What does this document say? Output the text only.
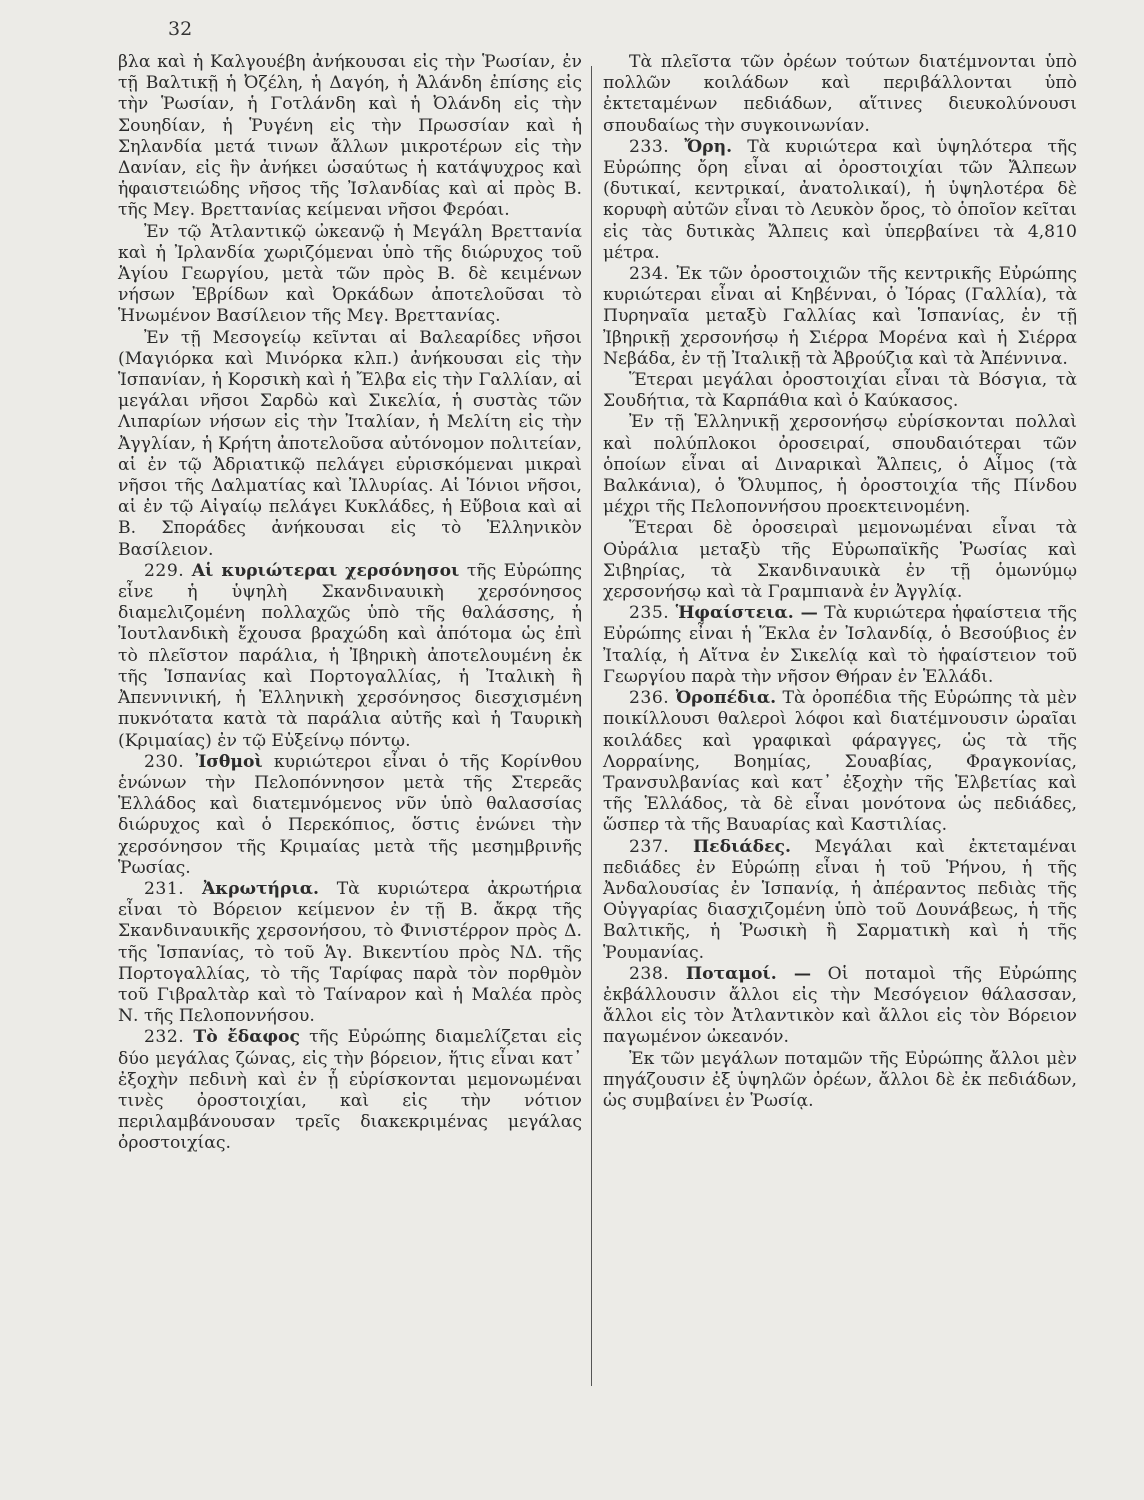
32

βλα καὶ ἡ Καλγουέβη ἀνήκουσαι εἰς τὴν Ῥωσίαν, ἐν τῇ Βαλτικῇ ἡ Ὀζέλη, ἡ Δαγόη, ἡ Ἀλάνδη ἐπίσης εἰς τὴν Ῥωσίαν, ἡ Γοτλάνδη καὶ ἡ Ὀλάνδη εἰς τὴν Σουηδίαν, ἡ Ῥυγένη εἰς τὴν Πρωσσίαν καὶ ἡ Σηλανδία μετά τινων ἄλλων μικροτέρων εἰς τὴν Δανίαν, εἰς ἣν ἀνήκει ὡσαύτως ἡ κατάψυχρος καὶ ἡφαιστειώδης νῆσος τῆς Ἰσλανδίας καὶ αἱ πρὸς Β. τῆς Μεγ. Βρεττανίας κείμεναι νῆσοι Φερόαι.

Ἐν τῷ Ἀτλαντικῷ ὠκεανῷ ἡ Μεγάλη Βρεττανία καὶ ἡ Ἰρλανδία χωριζόμεναι ὑπὸ τῆς διώρυχος τοῦ Ἁγίου Γεωργίου, μετὰ τῶν πρὸς Β. δὲ κειμένων νήσων Ἐβρίδων καὶ Ὀρκάδων ἀποτελοῦσαι τὸ Ἡνωμένον Βασίλειον τῆς Μεγ. Βρεττανίας.

Ἐν τῇ Μεσογείῳ κεῖνται αἱ Βαλεαρίδες νῆσοι (Μαγιόρκα καὶ Μινόρκα κλπ.) ἀνήκουσαι εἰς τὴν Ἱσπανίαν, ἡ Κορσικὴ καὶ ἡ Ἔλβα εἰς τὴν Γαλλίαν, αἱ μεγάλαι νῆσοι Σαρδὼ καὶ Σικελία, ἡ συστὰς τῶν Λιπαρίων νήσων εἰς τὴν Ἰταλίαν, ἡ Μελίτη εἰς τὴν Ἀγγλίαν, ἡ Κρήτη ἀποτελοῦσα αὐτόνομον πολιτείαν, αἱ ἐν τῷ Ἀδριατικῷ πελάγει εὑρισκόμεναι μικραὶ νῆσοι τῆς Δαλματίας καὶ Ἰλλυρίας. Αἱ Ἰόνιοι νῆσοι, αἱ ἐν τῷ Αἰγαίῳ πελάγει Κυκλάδες, ἡ Εὔβοια καὶ αἱ Β. Σποράδες ἀνήκουσαι εἰς τὸ Ἑλληνικὸν Βασίλειον.

229. Αἱ κυριώτεραι χερσόνησοι τῆς Εὐρώπης εἶνε ἡ ὑψηλὴ Σκανδιναυικὴ χερσόνησος διαμελιζομένη πολλαχῶς ὑπὸ τῆς θαλάσσης, ἡ Ἰουτλανδικὴ ἔχουσα βραχώδη καὶ ἀπότομα ὡς ἐπὶ τὸ πλεῖστον παράλια, ἡ Ἰβηρικὴ ἀποτελουμένη ἐκ τῆς Ἱσπανίας καὶ Πορτογαλλίας, ἡ Ἰταλικὴ ἢ Ἀπεννινική, ἡ Ἑλληνικὴ χερσόνησος διεσχισμένη πυκνότατα κατὰ τὰ παράλια αὐτῆς καὶ ἡ Ταυρικὴ (Κριμαίας) ἐν τῷ Εὐξείνῳ πόντῳ.

230. Ἰσθμοὶ κυριώτεροι εἶναι ὁ τῆς Κορίνθου ἑνώνων τὴν Πελοπόννησον μετὰ τῆς Στερεᾶς Ἑλλάδος καὶ διατεμνόμενος νῦν ὑπὸ θαλασσίας διώρυχος καὶ ὁ Περεκόπιος, ὅστις ἑνώνει τὴν χερσόνησον τῆς Κριμαίας μετὰ τῆς μεσημβρινῆς Ῥωσίας.

231. Ἀκρωτήρια. Τὰ κυριώτερα ἀκρωτήρια εἶναι τὸ Βόρειον κείμενον ἐν τῇ Β. ἄκρᾳ τῆς Σκανδιναυικῆς χερσονήσου, τὸ Φινιστέρρον πρὸς Δ. τῆς Ἱσπανίας, τὸ τοῦ Ἁγ. Βικεντίου πρὸς ΝΔ. τῆς Πορτογαλλίας, τὸ τῆς Ταρίφας παρὰ τὸν πορθμὸν τοῦ Γιβραλτὰρ καὶ τὸ Ταίναρον καὶ ἡ Μαλέα πρὸς Ν. τῆς Πελοποννήσου.

232. Τὸ ἔδαφος τῆς Εὐρώπης διαμελίζεται εἰς δύο μεγάλας ζώνας, εἰς τὴν βόρειον, ἥτις εἶναι κατ᾽ ἐξοχὴν πεδινὴ καὶ ἐν ᾗ εὑρίσκονται μεμονωμέναι τινὲς ὀροστοιχίαι, καὶ εἰς τὴν νότιον περιλαμβάνουσαν τρεῖς διακεκριμένας μεγάλας ὀροστοιχίας.

Τὰ πλεῖστα τῶν ὀρέων τούτων διατέμνονται ὑπὸ πολλῶν κοιλάδων καὶ περιβάλλονται ὑπὸ ἐκτεταμένων πεδιάδων, αἵτινες διευκολύνουσι σπουδαίως τὴν συγκοινωνίαν.

233. Ὄρη. Τὰ κυριώτερα καὶ ὑψηλότερα τῆς Εὐρώπης ὄρη εἶναι αἱ ὀροστοιχίαι τῶν Ἄλπεων (δυτικαί, κεντρικαί, ἀνατολικαί), ἡ ὑψηλοτέρα δὲ κορυφὴ αὐτῶν εἶναι τὸ Λευκὸν ὄρος, τὸ ὁποῖον κεῖται εἰς τὰς δυτικὰς Ἄλπεις καὶ ὑπερβαίνει τὰ 4,810 μέτρα.

234. Ἐκ τῶν ὀροστοιχιῶν τῆς κεντρικῆς Εὐρώπης κυριώτεραι εἶναι αἱ Κηβένναι, ὁ Ἰόρας (Γαλλία), τὰ Πυρηναῖα μεταξὺ Γαλλίας καὶ Ἱσπανίας, ἐν τῇ Ἰβηρικῇ χερσονήσῳ ἡ Σιέρρα Μορένα καὶ ἡ Σιέρρα Νεβάδα, ἐν τῇ Ἰταλικῇ τὰ Ἀβρούζια καὶ τὰ Ἀπέννινα.

Ἕτεραι μεγάλαι ὀροστοιχίαι εἶναι τὰ Βόσγια, τὰ Σουδήτια, τὰ Καρπάθια καὶ ὁ Καύκασος.

Ἐν τῇ Ἑλληνικῇ χερσονήσῳ εὑρίσκονται πολλαὶ καὶ πολύπλοκοι ὀροσειραί, σπουδαιότεραι τῶν ὁποίων εἶναι αἱ Διναρικαὶ Ἄλπεις, ὁ Αἷμος (τὰ Βαλκάνια), ὁ Ὄλυμπος, ἡ ὀροστοιχία τῆς Πίνδου μέχρι τῆς Πελοποννήσου προεκτεινομένη.

Ἕτεραι δὲ ὀροσειραὶ μεμονωμέναι εἶναι τὰ Οὐράλια μεταξὺ τῆς Εὐρωπαϊκῆς Ῥωσίας καὶ Σιβηρίας, τὰ Σκανδιναυικὰ ἐν τῇ ὁμωνύμῳ χερσονήσῳ καὶ τὰ Γραμπιανὰ ἐν Ἀγγλίᾳ.

235. Ἡφαίστεια. — Τὰ κυριώτερα ἡφαίστεια τῆς Εὐρώπης εἶναι ἡ Ἕκλα ἐν Ἰσλανδίᾳ, ὁ Βεσούβιος ἐν Ἰταλίᾳ, ἡ Αἴτνα ἐν Σικελίᾳ καὶ τὸ ἡφαίστειον τοῦ Γεωργίου παρὰ τὴν νῆσον Θήραν ἐν Ἑλλάδι.

236. Ὀροπέδια. Τὰ ὀροπέδια τῆς Εὐρώπης τὰ μὲν ποικίλλουσι θαλεροὶ λόφοι καὶ διατέμνουσιν ὡραῖαι κοιλάδες καὶ γραφικαὶ φάραγγες, ὡς τὰ τῆς Λορραίνης, Βοημίας, Σουαβίας, Φραγκονίας, Τρανσυλβανίας καὶ κατ᾽ ἐξοχὴν τῆς Ἑλβετίας καὶ τῆς Ἑλλάδος, τὰ δὲ εἶναι μονότονα ὡς πεδιάδες, ὥσπερ τὰ τῆς Βαυαρίας καὶ Καστιλίας.

237. Πεδιάδες. Μεγάλαι καὶ ἐκτεταμέναι πεδιάδες ἐν Εὐρώπῃ εἶναι ἡ τοῦ Ῥήνου, ἡ τῆς Ἀνδαλουσίας ἐν Ἱσπανίᾳ, ἡ ἀπέραντος πεδιὰς τῆς Οὐγγαρίας διασχιζομένη ὑπὸ τοῦ Δουνάβεως, ἡ τῆς Βαλτικῆς, ἡ Ῥωσικὴ ἢ Σαρματικὴ καὶ ἡ τῆς Ῥουμανίας.

238. Ποταμοί. — Οἱ ποταμοὶ τῆς Εὐρώπης ἐκβάλλουσιν ἄλλοι εἰς τὴν Μεσόγειον θάλασσαν, ἄλλοι εἰς τὸν Ἀτλαντικὸν καὶ ἄλλοι εἰς τὸν Βόρειον παγωμένον ὠκεανόν.

Ἐκ τῶν μεγάλων ποταμῶν τῆς Εὐρώπης ἄλλοι μὲν πηγάζουσιν ἐξ ὑψηλῶν ὀρέων, ἄλλοι δὲ ἐκ πεδιάδων, ὡς συμβαίνει ἐν Ῥωσίᾳ.
